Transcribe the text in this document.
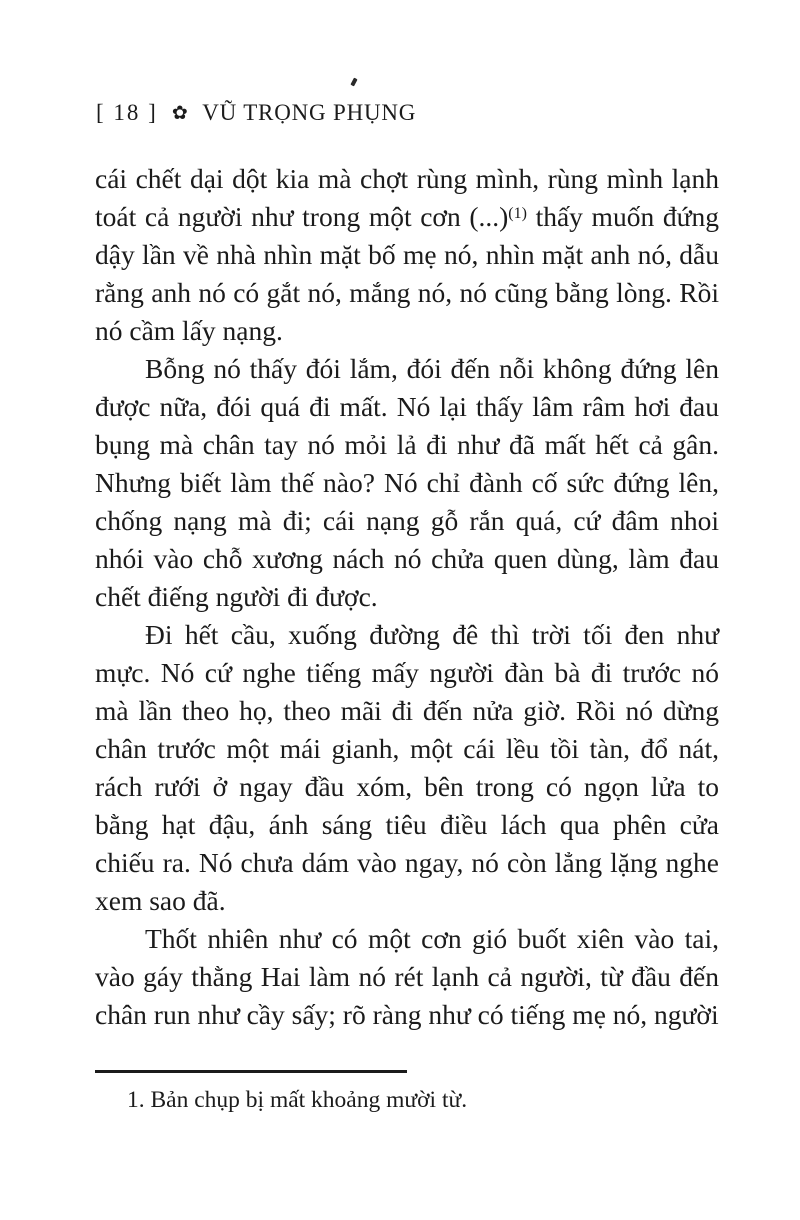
[ 18 ] ✿ VŨ TRỌNG PHỤNG

cái chết dại dột kia mà chợt rùng mình, rùng mình lạnh toát cả người như trong một cơn (...)$^{(1)}$ thấy muốn đứng dậy lần về nhà nhìn mặt bố mẹ nó, nhìn mặt anh nó, dẫu rằng anh nó có gắt nó, mắng nó, nó cũng bằng lòng. Rồi nó cầm lấy nạng.

Bỗng nó thấy đói lắm, đói đến nỗi không đứng lên được nữa, đói quá đi mất. Nó lại thấy lâm râm hơi đau bụng mà chân tay nó mỏi lả đi như đã mất hết cả gân. Nhưng biết làm thế nào? Nó chỉ đành cố sức đứng lên, chống nạng mà đi; cái nạng gỗ rắn quá, cứ đâm nhoi nhói vào chỗ xương nách nó chửa quen dùng, làm đau chết điếng người đi được.

Đi hết cầu, xuống đường đê thì trời tối đen như mực. Nó cứ nghe tiếng mấy người đàn bà đi trước nó mà lần theo họ, theo mãi đi đến nửa giờ. Rồi nó dừng chân trước một mái gianh, một cái lều tồi tàn, đổ nát, rách rưới ở ngay đầu xóm, bên trong có ngọn lửa to bằng hạt đậu, ánh sáng tiêu điều lách qua phên cửa chiếu ra. Nó chưa dám vào ngay, nó còn lẳng lặng nghe xem sao đã.

Thốt nhiên như có một cơn gió buốt xiên vào tai, vào gáy thằng Hai làm nó rét lạnh cả người, từ đầu đến chân run như cầy sấy; rõ ràng như có tiếng mẹ nó, người

1. Bản chụp bị mất khoảng mười từ.
